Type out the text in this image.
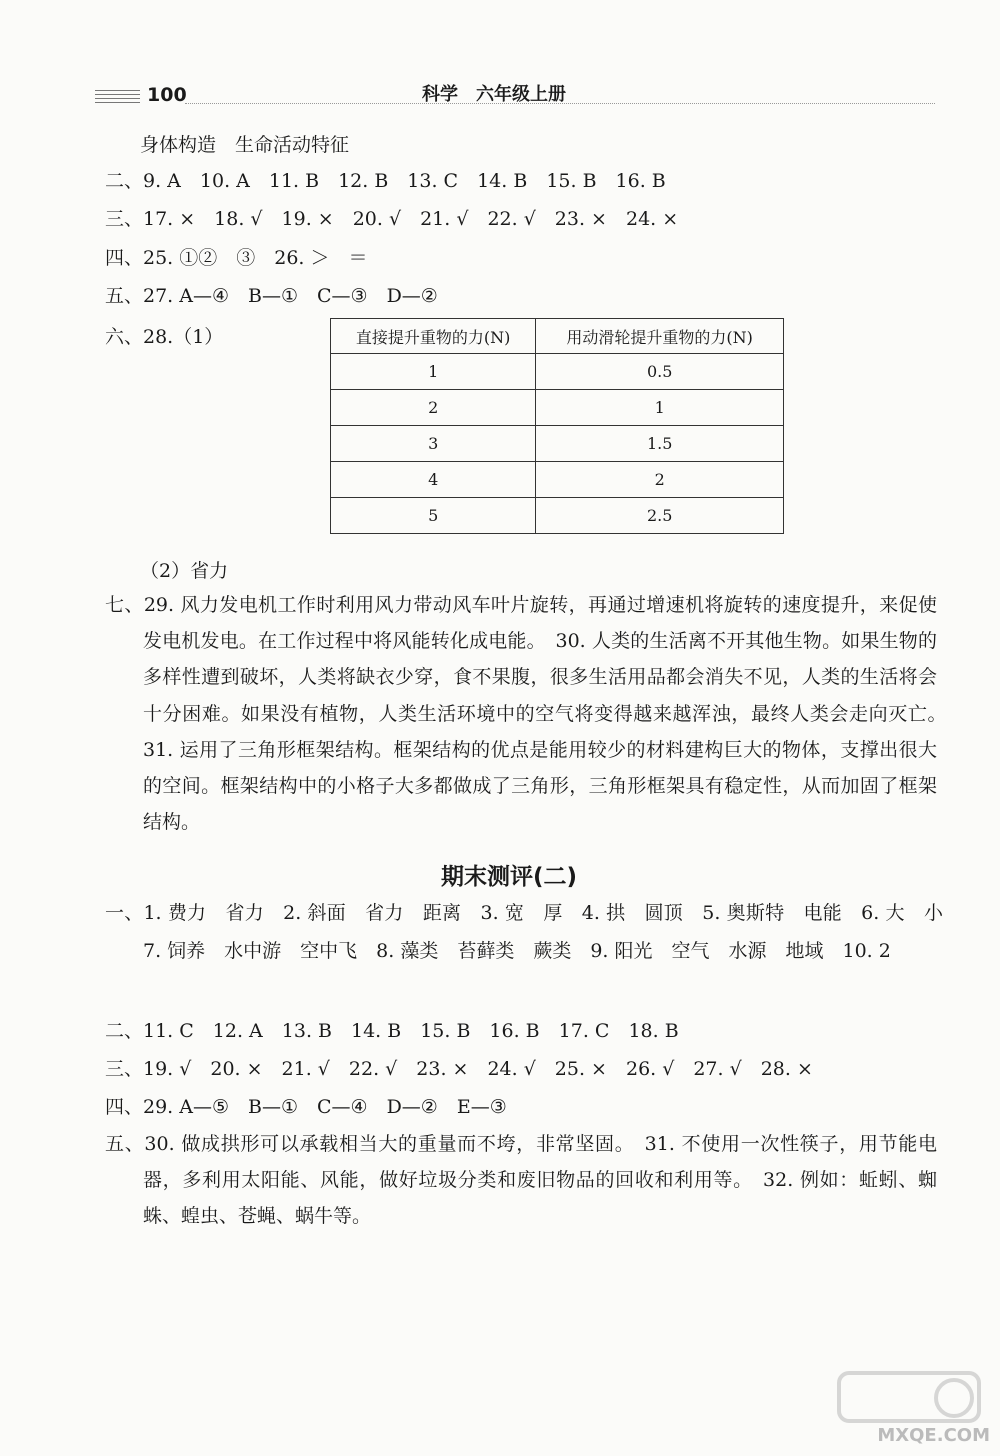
100	科学　六年级上册
身体构造　生命活动特征
二、9. A　10. A　11. B　12. B　13. C　14. B　15. B　16. B
三、17. ×　18. √　19. ×　20. √　21. √　22. √　23. ×　24. ×
四、25. ①②　③　26. ＞　＝
五、27. A—④　B—①　C—③　D—②
六、28.（1）	直接提升重物的力(N)	用动滑轮提升重物的力(N)
1	0.5
2	1
3	1.5
4	2
5	2.5
（2）省力
七、29. 风力发电机工作时利用风力带动风车叶片旋转，再通过增速机将旋转的速度提升，来促使发电机发电。在工作过程中将风能转化成电能。　30. 人类的生活离不开其他生物。如果生物的多样性遭到破坏，人类将缺衣少穿，食不果腹，很多生活用品都会消失不见，人类的生活将会十分困难。如果没有植物，人类生活环境中的空气将变得越来越浑浊，最终人类会走向灭亡。　31. 运用了三角形框架结构。框架结构的优点是能用较少的材料建构巨大的物体，支撑出很大的空间。框架结构中的小格子大多都做成了三角形，三角形框架具有稳定性，从而加固了框架结构。
期末测评(二)
一、1. 费力　省力　2. 斜面　省力　距离　3. 宽　厚　4. 拱　圆顶　5. 奥斯特　电能　6. 大　小　7. 饲养　水中游　空中飞　8. 藻类　苔藓类　蕨类　9. 阳光　空气　水源　地域　10. 2
二、11. C　12. A　13. B　14. B　15. B　16. B　17. C　18. B
三、19. √　20. ×　21. √　22. √　23. ×　24. √　25. ×　26. √　27. √　28. ×
四、29. A—⑤　B—①　C—④　D—②　E—③
五、30. 做成拱形可以承载相当大的重量而不垮，非常坚固。　31. 不使用一次性筷子，用节能电器，多利用太阳能、风能，做好垃圾分类和废旧物品的回收和利用等。　32. 例如：蚯蚓、蜘蛛、蝗虫、苍蝇、蜗牛等。
MXQE.COM
